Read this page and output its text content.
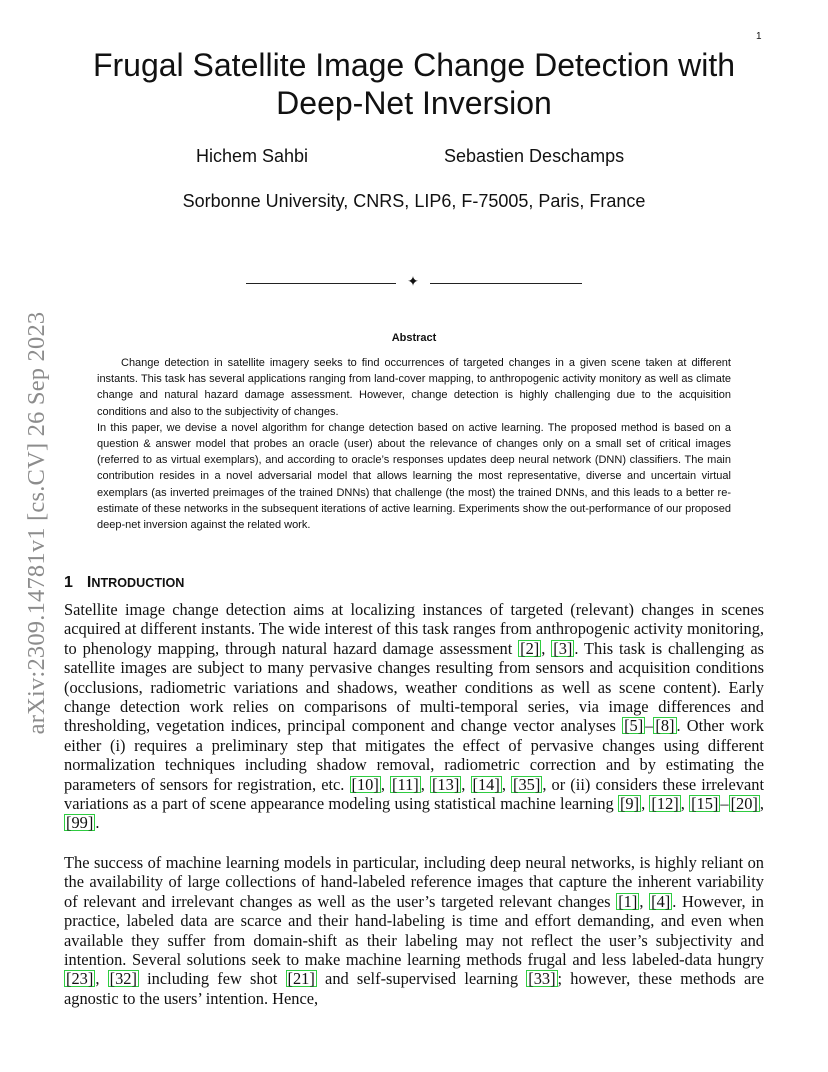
1
arXiv:2309.14781v1 [cs.CV] 26 Sep 2023
Frugal Satellite Image Change Detection with Deep-Net Inversion
Hichem Sahbi	Sebastien Deschamps
Sorbonne University, CNRS, LIP6, F-75005, Paris, France
✦
Abstract

Change detection in satellite imagery seeks to find occurrences of targeted changes in a given scene taken at different instants. This task has several applications ranging from land-cover mapping, to anthropogenic activity monitory as well as climate change and natural hazard damage assessment. However, change detection is highly challenging due to the acquisition conditions and also to the subjectivity of changes.

In this paper, we devise a novel algorithm for change detection based on active learning. The proposed method is based on a question & answer model that probes an oracle (user) about the relevance of changes only on a small set of critical images (referred to as virtual exemplars), and according to oracle’s responses updates deep neural network (DNN) classifiers. The main contribution resides in a novel adversarial model that allows learning the most representative, diverse and uncertain virtual exemplars (as inverted preimages of the trained DNNs) that challenge (the most) the trained DNNs, and this leads to a better re-estimate of these networks in the subsequent iterations of active learning. Experiments show the out-performance of our proposed deep-net inversion against the related work.

1 INTRODUCTION

Satellite image change detection aims at localizing instances of targeted (relevant) changes in scenes acquired at different instants. The wide interest of this task ranges from anthropogenic activity monitoring, to phenology mapping, through natural hazard damage assessment [2] , [3] . This task is challenging as satellite images are subject to many pervasive changes resulting from sensors and acquisition conditions (occlusions, radiometric variations and shadows, weather conditions as well as scene content). Early change detection work relies on comparisons of multi-temporal series, via image differences and thresholding, vegetation indices, principal component and change vector analyses [5] – [8] . Other work either (i) requires a preliminary step that mitigates the effect of pervasive changes using different normalization techniques including shadow removal, radiometric correction and by estimating the parameters of sensors for registration, etc. [10] , [11] , [13] , [14] , [35] , or (ii) considers these irrelevant variations as a part of scene appearance modeling using statistical machine learning [9] , [12] , [15] – [20] , [99] .

The success of machine learning models in particular, including deep neural networks, is highly reliant on the availability of large collections of hand-labeled reference images that capture the inherent variability of relevant and irrelevant changes as well as the user’s targeted relevant changes [1] , [4] . However, in practice, labeled data are scarce and their hand-labeling is time and effort demanding, and even when available they suffer from domain-shift as their labeling may not reflect the user’s subjectivity and intention. Several solutions seek to make machine learning methods frugal and less labeled-data hungry [23] , [32] including few shot [21] and self-supervised learning [33] ; however, these methods are agnostic to the users’ intention. Hence,
